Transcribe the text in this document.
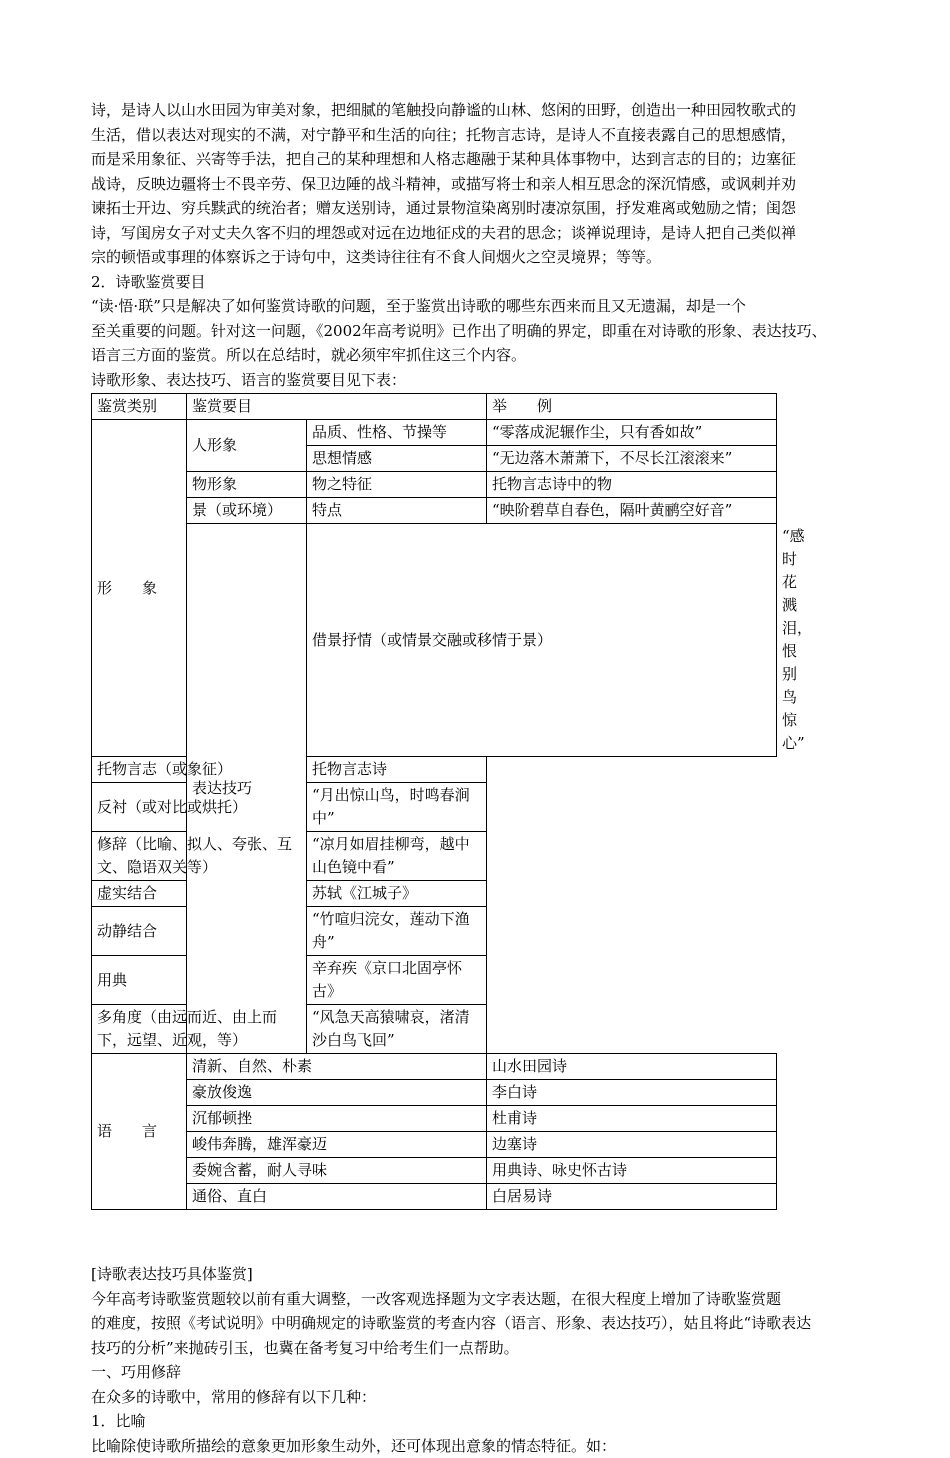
诗，是诗人以山水田园为审美对象，把细腻的笔触投向静谧的山林、悠闲的田野，创造出一种田园牧歌式的

生活，借以表达对现实的不满，对宁静平和生活的向往；托物言志诗，是诗人不直接表露自己的思想感情，

而是采用象征、兴寄等手法，把自己的某种理想和人格志趣融于某种具体事物中，达到言志的目的；边塞征

战诗，反映边疆将士不畏辛劳、保卫边陲的战斗精神，或描写将士和亲人相互思念的深沉情感，或讽刺并劝

谏拓士开边、穷兵黩武的统治者；赠友送别诗，通过景物渲染离别时凄凉氛围，抒发难离或勉励之情；闺怨

诗，写闺房女子对丈夫久客不归的埋怨或对远在边地征戍的夫君的思念；谈禅说理诗，是诗人把自己类似禅

宗的顿悟或事理的体察诉之于诗句中，这类诗往往有不食人间烟火之空灵境界；等等。

2．诗歌鉴赏要目

“读·悟·联”只是解决了如何鉴赏诗歌的问题，至于鉴赏出诗歌的哪些东西来而且又无遗漏，却是一个

至关重要的问题。针对这一问题，《2002年高考说明》已作出了明确的界定，即重在对诗歌的形象、表达技巧、

语言三方面的鉴赏。所以在总结时，就必须牢牢抓住这三个内容。

诗歌形象、表达技巧、语言的鉴赏要目见下表：

鉴赏类别	鉴赏要目		举　　例	
形　　象	人形象	品质、性格、节操等	“零落成泥辗作尘，只有香如故”	
		思想情感	“无边落木萧萧下，不尽长江滚滚来”	
	物形象	物之特征	托物言志诗中的物	
	景（或环境）	特点	“映阶碧草自春色，隔叶黄鹂空好音”	
	表达技巧	借景抒情（或情景交融或移情于景）		“感时花溅泪，恨别鸟惊心”
托物言志（或象征）		托物言志诗		
反衬（或对比或烘托）		“月出惊山鸟，时鸣春涧中”		
修辞（比喻、拟人、夸张、互文、隐语双关等）		“凉月如眉挂柳弯，越中山色镜中看”		
虚实结合		苏轼《江城子》		
动静结合		“竹喧归浣女，莲动下渔舟”		
用典		辛弃疾《京口北固亭怀古》		
多角度（由远而近、由上而下，远望、近观，等）		“风急天高猿啸哀，渚清沙白鸟飞回”		
语　　言	清新、自然、朴素		山水田园诗	
	豪放俊逸		李白诗	
	沉郁顿挫		杜甫诗	
	峻伟奔腾，雄浑豪迈		边塞诗	
	委婉含蓄，耐人寻味		用典诗、咏史怀古诗	
	通俗、直白		白居易诗	

[诗歌表达技巧具体鉴赏]

今年高考诗歌鉴赏题较以前有重大调整，一改客观选择题为文字表达题，在很大程度上增加了诗歌鉴赏题

的难度，按照《考试说明》中明确规定的诗歌鉴赏的考查内容（语言、形象、表达技巧），姑且将此“诗歌表达

技巧的分析”来抛砖引玉，也冀在备考复习中给考生们一点帮助。

一、巧用修辞

在众多的诗歌中，常用的修辞有以下几种：

1．比喻

比喻除使诗歌所描绘的意象更加形象生动外，还可体现出意象的情态特征。如：
